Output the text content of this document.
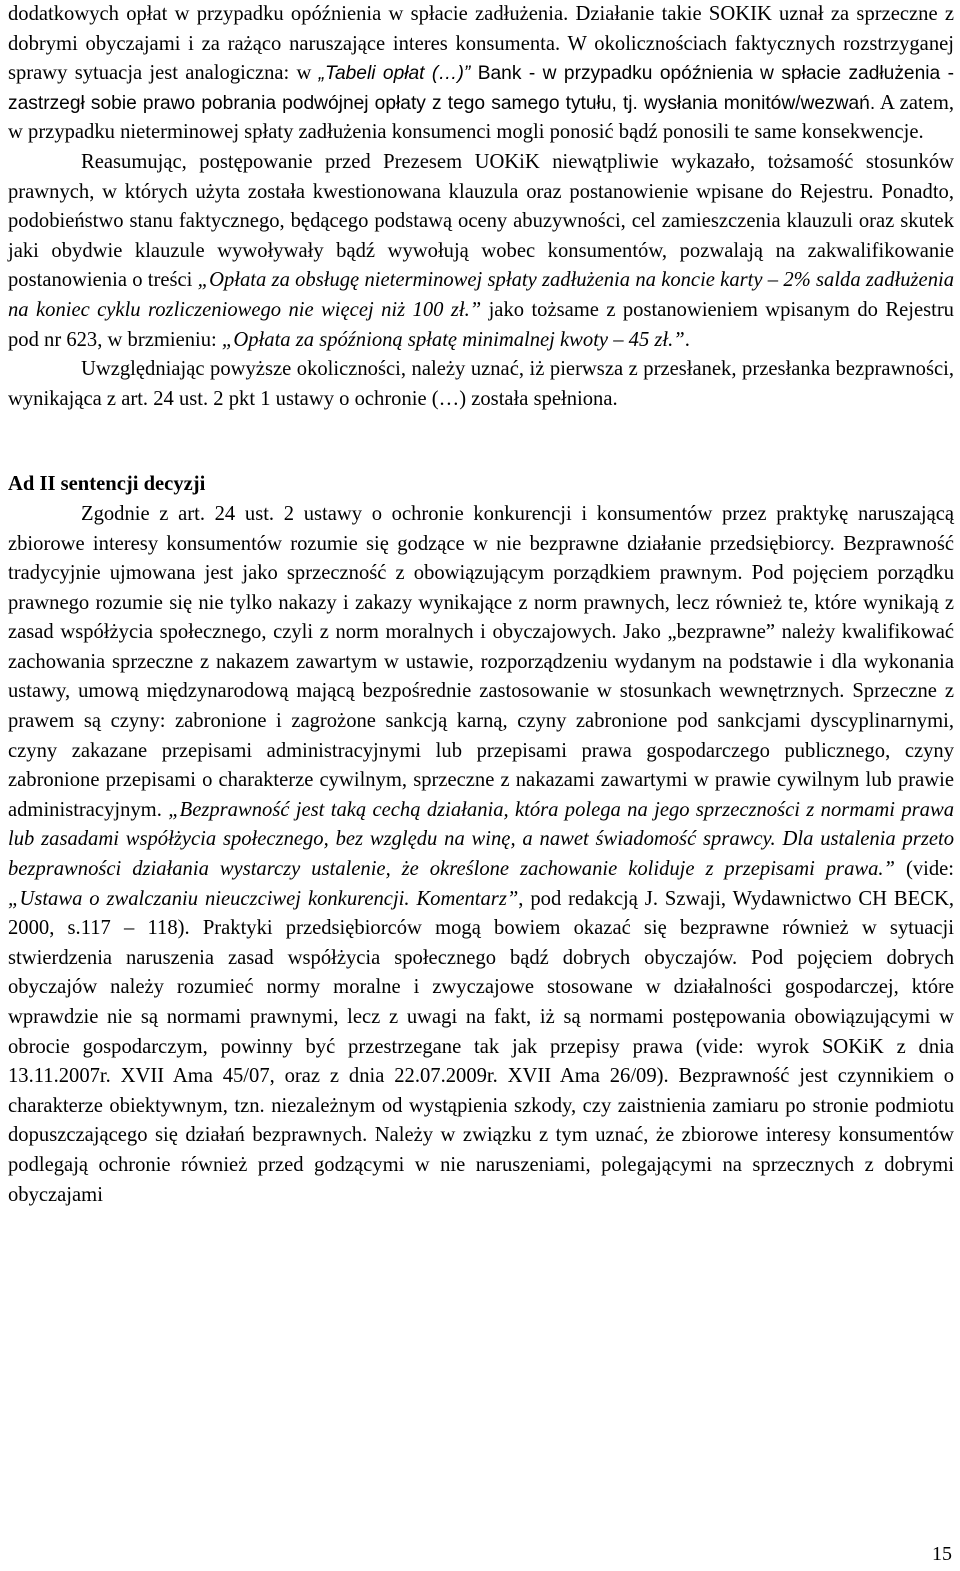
dodatkowych opłat w przypadku opóźnienia w spłacie zadłużenia. Działanie takie SOKIK uznał za sprzeczne z dobrymi obyczajami i za rażąco naruszające interes konsumenta. W okolicznościach faktycznych rozstrzyganej sprawy sytuacja jest analogiczna: w „Tabeli opłat (…)” Bank - w przypadku opóźnienia w spłacie zadłużenia - zastrzegł sobie prawo pobrania podwójnej opłaty z tego samego tytułu, tj. wysłania monitów/wezwań. A zatem, w przypadku nieterminowej spłaty zadłużenia konsumenci mogli ponosić bądź ponosili te same konsekwencje.

Reasumując, postępowanie przed Prezesem UOKiK niewątpliwie wykazało, tożsamość stosunków prawnych, w których użyta została kwestionowana klauzula oraz postanowienie wpisane do Rejestru. Ponadto, podobieństwo stanu faktycznego, będącego podstawą oceny abuzywności, cel zamieszczenia klauzuli oraz skutek jaki obydwie klauzule wywoływały bądź wywołują wobec konsumentów, pozwalają na zakwalifikowanie postanowienia o treści „Opłata za obsługę nieterminowej spłaty zadłużenia na koncie karty – 2% salda zadłużenia na koniec cyklu rozliczeniowego nie więcej niż 100 zł.” jako tożsame z postanowieniem wpisanym do Rejestru pod nr 623, w brzmieniu: „Opłata za spóźnioną spłatę minimalnej kwoty – 45 zł.”.

Uwzględniając powyższe okoliczności, należy uznać, iż pierwsza z przesłanek, przesłanka bezprawności, wynikająca z art. 24 ust. 2 pkt 1 ustawy o ochronie (…) została spełniona.

Ad II sentencji decyzji

Zgodnie z art. 24 ust. 2 ustawy o ochronie konkurencji i konsumentów przez praktykę naruszającą zbiorowe interesy konsumentów rozumie się godzące w nie bezprawne działanie przedsiębiorcy. Bezprawność tradycyjnie ujmowana jest jako sprzeczność z obowiązującym porządkiem prawnym. Pod pojęciem porządku prawnego rozumie się nie tylko nakazy i zakazy wynikające z norm prawnych, lecz również te, które wynikają z zasad współżycia społecznego, czyli z norm moralnych i obyczajowych. Jako „bezprawne” należy kwalifikować zachowania sprzeczne z nakazem zawartym w ustawie, rozporządzeniu wydanym na podstawie i dla wykonania ustawy, umową międzynarodową mającą bezpośrednie zastosowanie w stosunkach wewnętrznych. Sprzeczne z prawem są czyny: zabronione i zagrożone sankcją karną, czyny zabronione pod sankcjami dyscyplinarnymi, czyny zakazane przepisami administracyjnymi lub przepisami prawa gospodarczego publicznego, czyny zabronione przepisami o charakterze cywilnym, sprzeczne z nakazami zawartymi w prawie cywilnym lub prawie administracyjnym. „Bezprawność jest taką cechą działania, która polega na jego sprzeczności z normami prawa lub zasadami współżycia społecznego, bez względu na winę, a nawet świadomość sprawcy. Dla ustalenia przeto bezprawności działania wystarczy ustalenie, że określone zachowanie koliduje z przepisami prawa.” (vide: „Ustawa o zwalczaniu nieuczciwej konkurencji. Komentarz”, pod redakcją J. Szwaji, Wydawnictwo CH BECK, 2000, s.117 – 118). Praktyki przedsiębiorców mogą bowiem okazać się bezprawne również w sytuacji stwierdzenia naruszenia zasad współżycia społecznego bądź dobrych obyczajów. Pod pojęciem dobrych obyczajów należy rozumieć normy moralne i zwyczajowe stosowane w działalności gospodarczej, które wprawdzie nie są normami prawnymi, lecz z uwagi na fakt, iż są normami postępowania obowiązującymi w obrocie gospodarczym, powinny być przestrzegane tak jak przepisy prawa (vide: wyrok SOKiK z dnia 13.11.2007r. XVII Ama 45/07, oraz z dnia 22.07.2009r. XVII Ama 26/09). Bezprawność jest czynnikiem o charakterze obiektywnym, tzn. niezależnym od wystąpienia szkody, czy zaistnienia zamiaru po stronie podmiotu dopuszczającego się działań bezprawnych. Należy w związku z tym uznać, że zbiorowe interesy konsumentów podlegają ochronie również przed godzącymi w nie naruszeniami, polegającymi na sprzecznych z dobrymi obyczajami

15
